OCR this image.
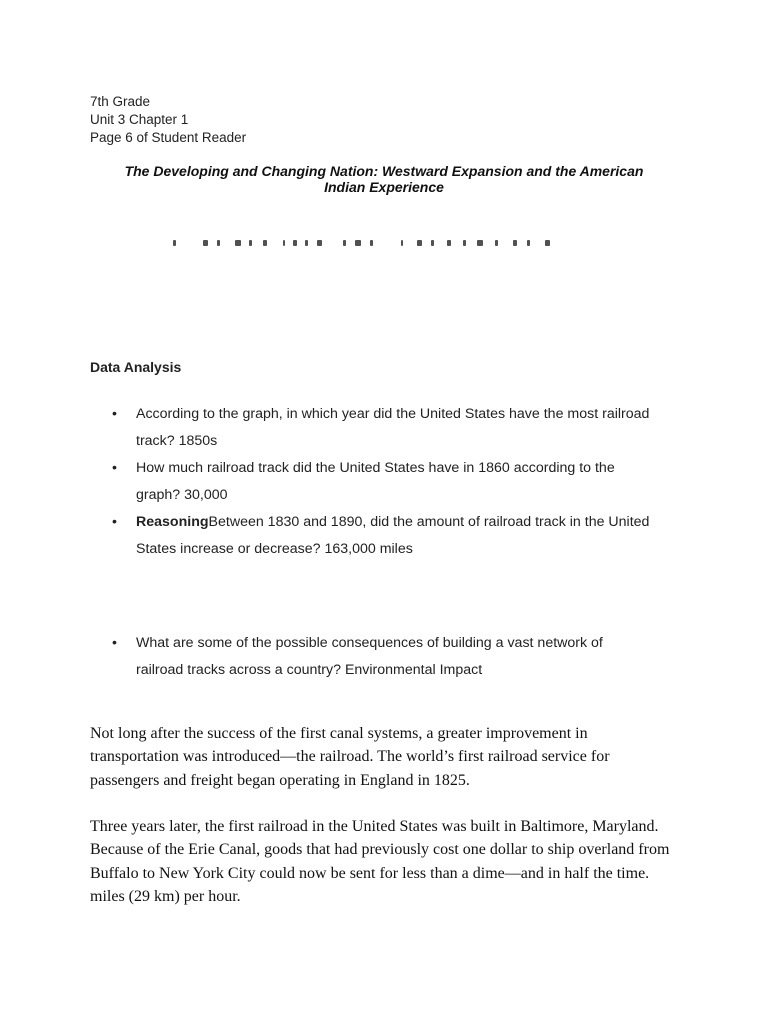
7th Grade
Unit 3 Chapter 1
Page 6 of Student Reader
The Developing and Changing Nation: Westward Expansion and the American Indian Experience
Data Analysis
• According to the graph, in which year did the United States have the most railroad track? 1850s
• How much railroad track did the United States have in 1860 according to the graph? 30,000
• ReasoningBetween 1830 and 1890, did the amount of railroad track in the United States increase or decrease? 163,000 miles
• What are some of the possible consequences of building a vast network of railroad tracks across a country? Environmental Impact

Not long after the success of the first canal systems, a greater improvement in transportation was introduced—the railroad. The world’s first railroad service for passengers and freight began operating in England in 1825.

Three years later, the first railroad in the United States was built in Baltimore, Maryland. Because of the Erie Canal, goods that had previously cost one dollar to ship overland from Buffalo to New York City could now be sent for less than a dime—and in half the time. miles (29 km) per hour.
